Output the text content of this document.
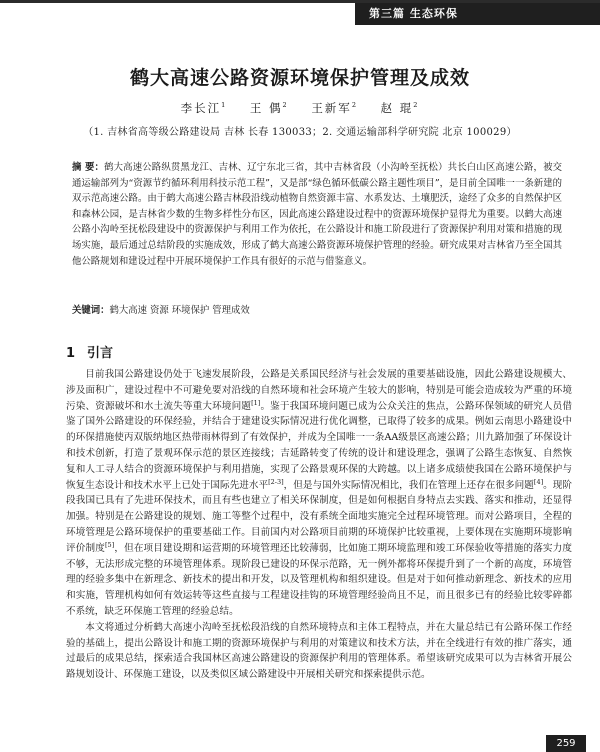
第三篇 生态环保
鹤大高速公路资源环境保护管理及成效
李长江$^1$ 王 偶$^2$ 王新军$^2$ 赵 琨$^2$
（1. 吉林省高等级公路建设局 吉林 长春 130033；2. 交通运输部科学研究院 北京 100029）
摘 要：鹤大高速公路纵贯黑龙江、吉林、辽宁东北三省，其中吉林省段（小沟岭至抚松）共长白山区高速公路，被交通运输部列为“资源节约循环利用科技示范工程”，又是部“绿色循环低碳公路主题性项目”，是目前全国唯一一条新建的双示范高速公路。由于鹤大高速公路吉林段沿线动植物自然资源丰富、水系发达、土壤肥沃，途经了众多的自然保护区和森林公园，是吉林省少数的生物多样性分布区，因此高速公路建设过程中的资源环境保护显得尤为重要。以鹤大高速公路小沟岭至抚松段建设中的资源保护与利用工作为依托，在公路设计和施工阶段进行了资源保护利用对策和措施的现场实施，最后通过总结阶段的实施成效，形成了鹤大高速公路资源环境保护管理的经验。研究成果对吉林省乃至全国其他公路规划和建设过程中开展环境保护工作具有很好的示范与借鉴意义。
关键词：鹤大高速 资源 环境保护 管理成效
1 引言

目前我国公路建设仍处于飞速发展阶段，公路是关系国民经济与社会发展的重要基础设施，因此公路建设规模大、涉及面积广，建设过程中不可避免要对沿线的自然环境和社会环境产生较大的影响，特别是可能会造成较为严重的环境污染、资源破坏和水土流失等重大环境问题[1]。鉴于我国环境问题已成为公众关注的焦点，公路环保领域的研究人员借鉴了国外公路建设的环保经验，并结合于建建设实际情况进行优化调整，已取得了较多的成果。例如云南思小路建设中的环保措施使丙双版纳地区热带雨林得到了有效保护，并成为全国唯一一条AA级景区高速公路；川九路加强了环保设计和技术创新，打造了景观环保示范的景区连接线；吉延路转变了传统的设计和建设理念，强调了公路生态恢复、自然恢复和人工寻人结合的资源环境保护与利用措施，实现了公路景观环保的大跨越。以上诸多成绩使我国在公路环境保护与恢复生态设计和技术水平上已处于国际先进水平[2-3]，但是与国外实际情况相比，我们在管理上还存在很多问题[4]。现阶段我国已具有了先进环保技术，而且有些也建立了相关环保制度，但是如何根据自身特点去实践、落实和推动，还显得加强。特别是在公路建设的规划、施工等整个过程中，没有系统全面地实施完全过程环境管理。而对公路项目，全程的环境管理是公路环境保护的重要基础工作。目前国内对公路项目前期的环境保护比较重视，上要体现在实施期环境影响评价制度[5]，但在项目建设期和运营期的环境管理还比较薄弱，比如施工期环境监理和竣工环保验收等措施的落实力度不够，无法形成完整的环境管理体系。现阶段已建设的环保示范路，无一例外都将环保提升到了一个新的高度，环境管理的经验多集中在新理念、新技术的提出和开发，以及管理机构和组织建设。但是对于如何推动新理念、新技术的应用和实施，管理机构如何有效运转等这些直接与工程建设挂钩的环境管理经验尚且不足，而且很多已有的经验比较零碎都不系统，缺乏环保施工管理的经验总结。

本文将通过分析鹤大高速小沟岭至抚松段沿线的自然环境特点和主体工程特点，并在大量总结已有公路环保工作经验的基础上，提出公路设计和施工期的资源环境保护与利用的对策建议和技术方法，并在全线进行有效的推广落实，通过最后的成果总结，探索适合我国林区高速公路建设的资源保护利用的管理体系。希望该研究成果可以为吉林省开展公路规划设计、环保施工建设，以及类似区域公路建设中开展相关研究和探索提供示范。

259
